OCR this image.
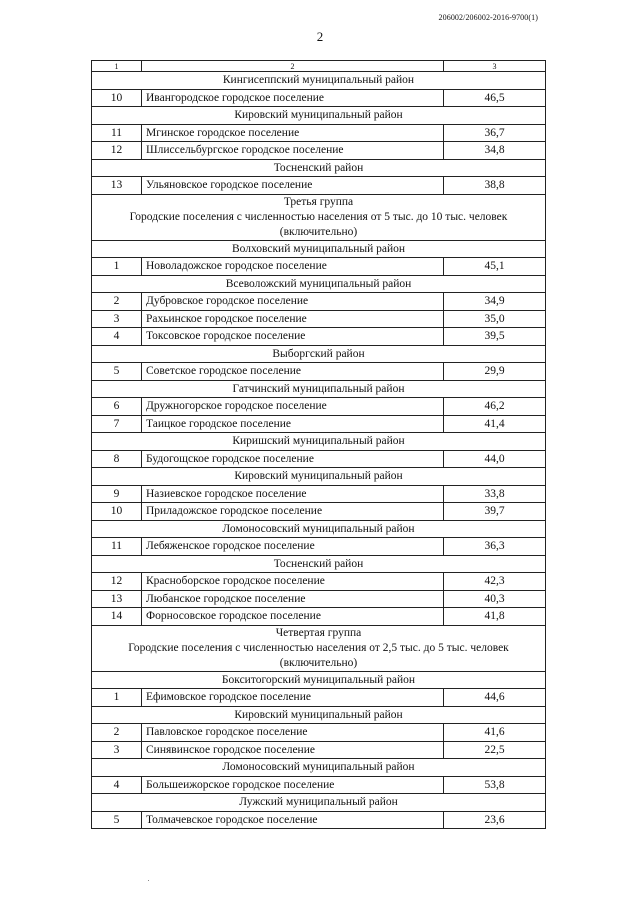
206002/206002-2016-9700(1)
2
1	2	3
Кингисеппский муниципальный район		
10	Ивангородское городское поселение	46,5
Кировский муниципальный район		
11	Мгинское городское поселение	36,7
12	Шлиссельбургское городское поселение	34,8
Тосненский район		
13	Ульяновское городское поселение	38,8

Третья группа
Городские поселения с численностью населения от 5 тыс. до 10 тыс. человек
(включительно)		

Волховский муниципальный район		
1	Новоладожское городское поселение	45,1
Всеволожский муниципальный район		
2	Дубровское городское поселение	34,9
3	Рахьинское городское поселение	35,0
4	Токсовское городское поселение	39,5
Выборгский район		
5	Советское городское поселение	29,9
Гатчинский муниципальный район		
6	Дружногорское городское поселение	46,2
7	Таицкое городское поселение	41,4
Киришский муниципальный район		
8	Будогощское городское поселение	44,0
Кировский муниципальный район		
9	Назиевское городское поселение	33,8
10	Приладожское городское поселение	39,7
Ломоносовский муниципальный район		
11	Лебяженское городское поселение	36,3
Тосненский район		
12	Красноборское городское поселение	42,3
13	Любанское городское поселение	40,3
14	Форносовское городское поселение	41,8

Четвертая группа
Городские поселения с численностью населения от 2,5 тыс. до 5 тыс. человек
(включительно)		

Бокситогорский муниципальный район		
1	Ефимовское городское поселение	44,6
Кировский муниципальный район		
2	Павловское городское поселение	41,6
3	Синявинское городское поселение	22,5
Ломоносовский муниципальный район		
4	Большеижорское городское поселение	53,8
Лужский муниципальный район		
5	Толмачевское городское поселение	23,6
